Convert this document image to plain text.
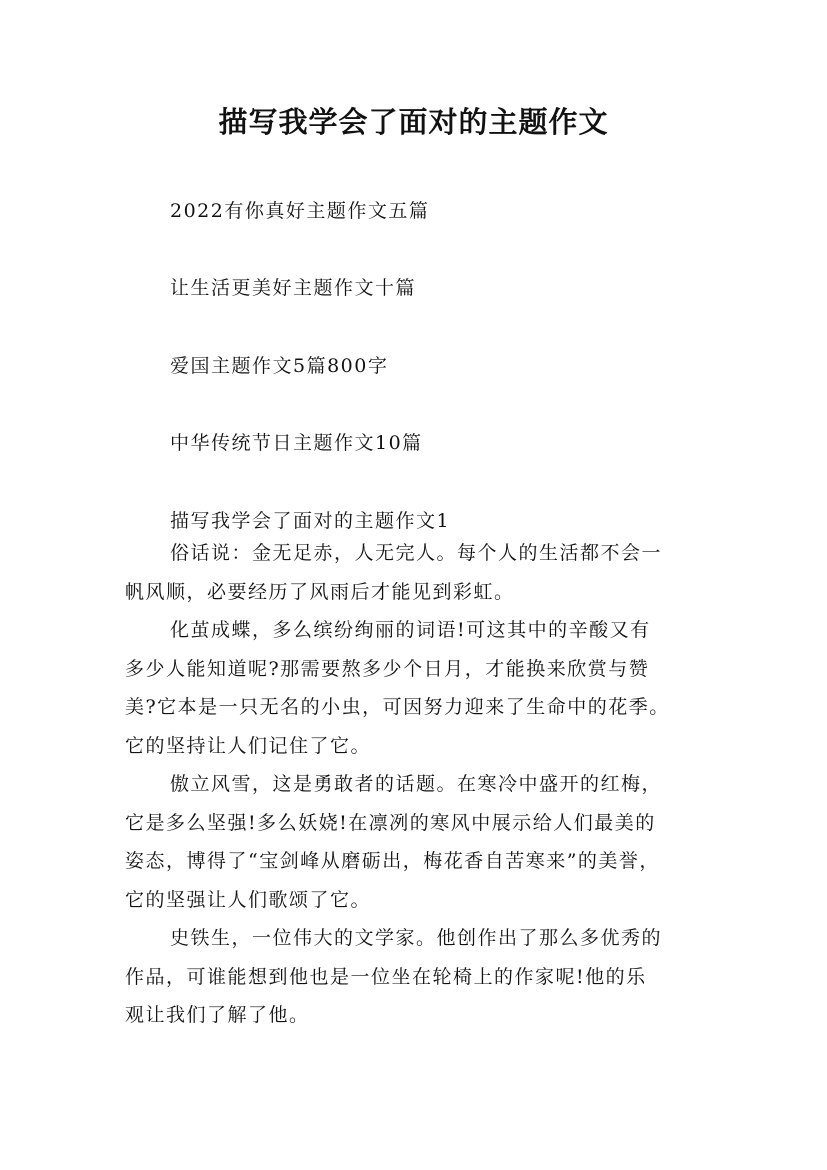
描写我学会了面对的主题作文
2022有你真好主题作文五篇
让生活更美好主题作文十篇
爱国主题作文5篇800字
中华传统节日主题作文10篇
描写我学会了面对的主题作文1
俗话说：金无足赤，人无完人。每个人的生活都不会一
帆风顺，必要经历了风雨后才能见到彩虹。
化茧成蝶，多么缤纷绚丽的词语!可这其中的辛酸又有
多少人能知道呢?那需要熬多少个日月，才能换来欣赏与赞
美?它本是一只无名的小虫，可因努力迎来了生命中的花季。
它的坚持让人们记住了它。
傲立风雪，这是勇敢者的话题。在寒冷中盛开的红梅，
它是多么坚强!多么妖娆!在凛冽的寒风中展示给人们最美的
姿态，博得了“宝剑峰从磨砺出，梅花香自苦寒来”的美誉，
它的坚强让人们歌颂了它。
史铁生，一位伟大的文学家。他创作出了那么多优秀的
作品，可谁能想到他也是一位坐在轮椅上的作家呢!他的乐
观让我们了解了他。
